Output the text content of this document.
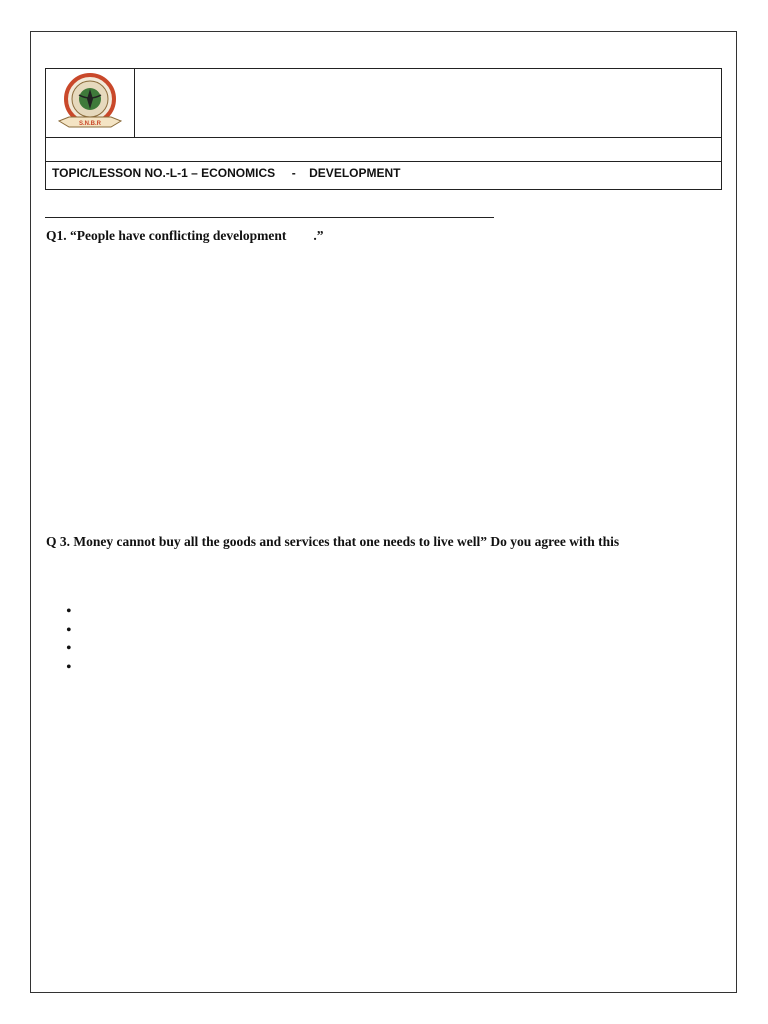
S.N.B.R
TOPIC/LESSON NO.-L-1 – ECONOMICS     -    DEVELOPMENT
Q1. “People have conflicting development        .”
Q 3. Money cannot buy all the goods and services that one needs to live well” Do you agree with this
